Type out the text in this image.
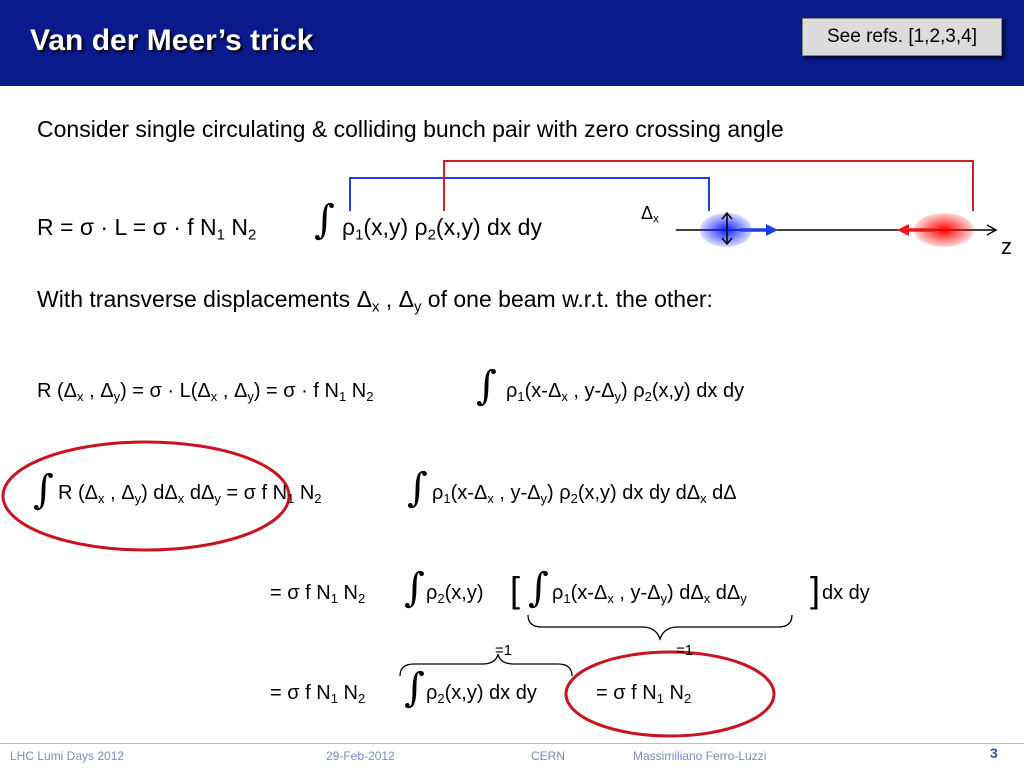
Van der Meer’s trick	See refs. [1,2,3,4]
Consider single circulating & colliding bunch pair with zero crossing angle
R = σ · L = σ · f $N_1$ $N_2$ ∫ $\rho_1(x,y)$ $\rho_2(x,y)$ dx dy
$\Delta_x$
z
With transverse displacements $\Delta_x$ , $\Delta_y$ of one beam w.r.t. the other:
R ($\Delta_x$ , $\Delta_y) = \sigma \cdot L(\Delta_x$ , $\Delta_y) = \sigma \cdot f$ $N_1$ $N_2$	∫ $\rho_1(x-\Delta_x$ , $y-\Delta_y$) $\rho_2(x,y)$ dx dy
∫ R ($\Delta_x$ , $\Delta_y$) $d\Delta_x$ $d\Delta_y = \sigma$ f $N_1$ $N_2$ ∫ $\rho_1(x-\Delta_x$ , $y-\Delta_y$) $\rho_2(x,y)$ dx dy $d\Delta_x$ dΔ
= σ f $N_1$ $N_2$ ∫ $\rho_2(x,y)$ [ ∫ $\rho_1(x-\Delta_x$ , $y-\Delta_y$) $d\Delta_x$ $d\Delta_y$ ] dx dy
=1	=1
= σ f $N_1$ $N_2$ ∫ $\rho_2(x,y)$ dx dy	= σ f $N_1$ $N_2$
LHC Lumi Days 2012	29-Feb-2012	CERN	Massimiliano Ferro-Luzzi	3
